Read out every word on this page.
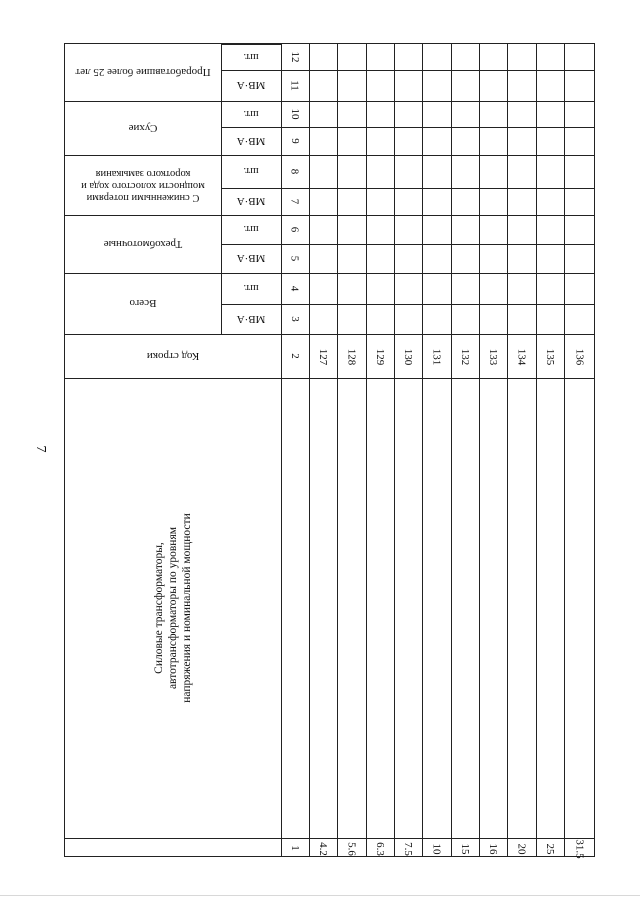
7
Проработавшие более 25 лет
Сухие
С сниженными потерями мощности холостого хода и короткого замыкания
Трехобмоточные
Всего
шт.
МВ·А
шт.
МВ·А
шт.
МВ·А
шт.
МВ·А
шт.
МВ·А
Код строки
Силовые трансформаторы, автотрансформаторы по уровням напряжения и номинальной мощности
12
11
10
9
8
7
6
5
4
3
2
1
127
4.2
128
5.6
129
6.3
130
7.5
131
10
132
15
133
16
134
20
135
25
136
31.5
